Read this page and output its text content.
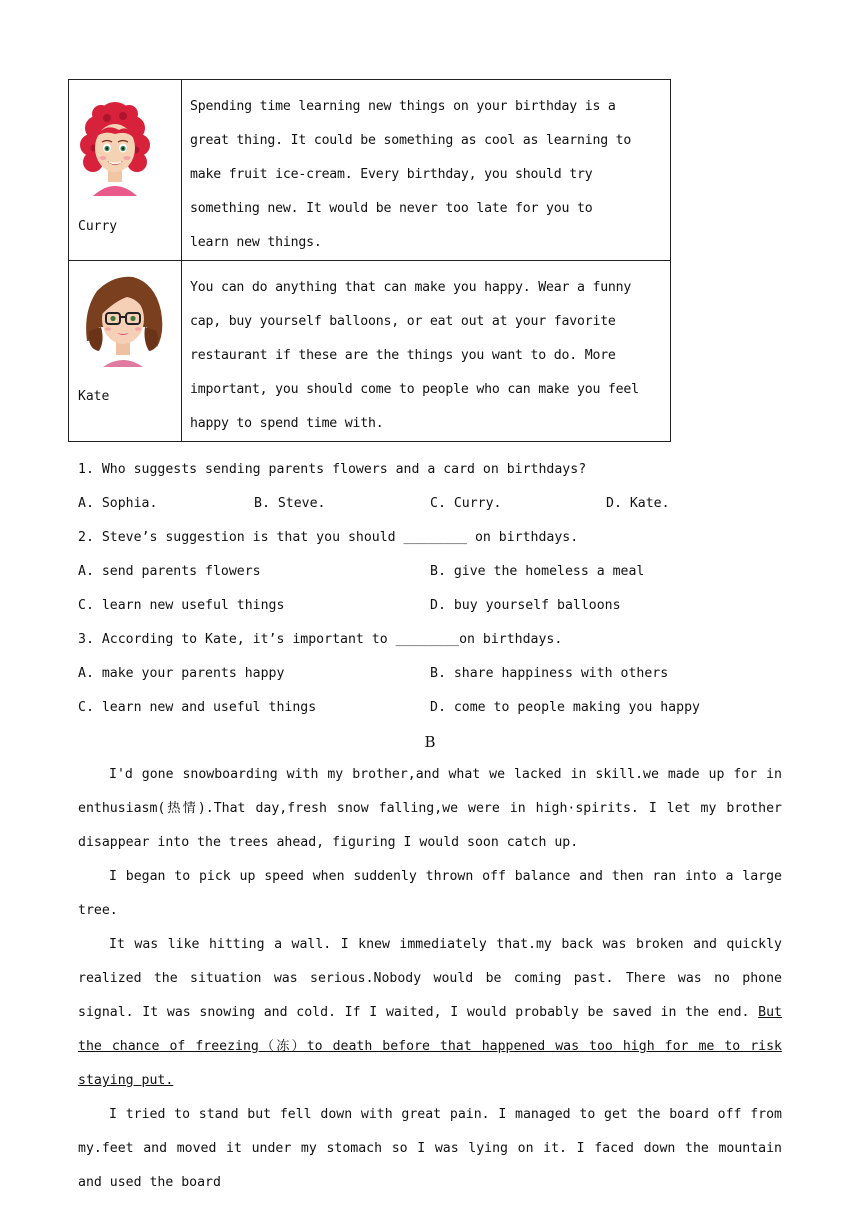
Curry	Spending time learning new things on your birthday is a great thing. It could be something as cool as learning to make fruit ice-cream. Every birthday, you should try something new. It would be never too late for you to
learn new things.

Kate	You can do anything that can make you happy. Wear a funny cap, buy yourself balloons, or eat out at your favorite restaurant if these are the things you want to do. More important, you should come to people who can make you feel happy to spend time with.
1. Who suggests sending parents flowers and a card on birthdays?
A. Sophia.	B. Steve.	C. Curry.	D. Kate.
2. Steve’s suggestion is that you should ________ on birthdays.
A. send parents flowers	B. give the homeless a meal
C. learn new useful things	D. buy yourself balloons
3. According to Kate, it’s important to ________on birthdays.
A. make your parents happy	B. share happiness with others
C. learn new and useful things	D. come to people making you happy
B

I'd gone snowboarding with my brother,and what we lacked in skill.we made up for in enthusiasm(热情).That day,fresh snow falling,we were in high·spirits. I let my brother disappear into the trees ahead, figuring I would soon catch up.

I began to pick up speed when suddenly thrown off balance and then ran into a large tree.

It was like hitting a wall. I knew immediately that.my back was broken and quickly realized the situation was serious.Nobody would be coming past. There was no phone signal. It was snowing and cold. If I waited, I would probably be saved in the end. But the chance of freezing（冻）to death before that happened was too high for me to risk staying put.

I tried to stand but fell down with great pain. I managed to get the board off from my.feet and moved it under my stomach so I was lying on it. I faced down the mountain and used the board
